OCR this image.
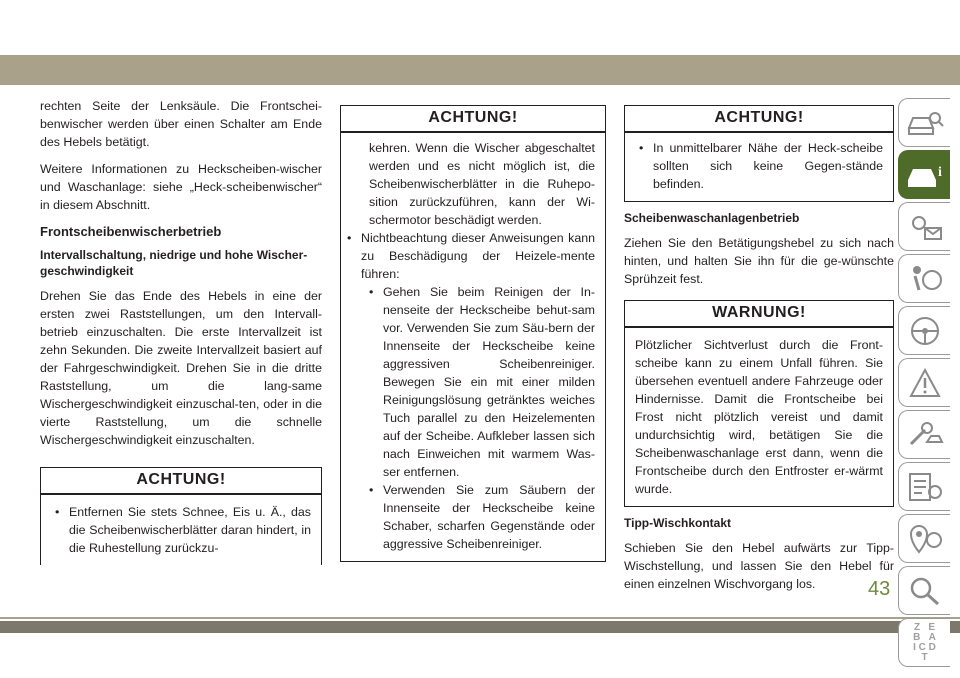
rechten Seite der Lenksäule. Die Frontschei-benwischer werden über einen Schalter am Ende des Hebels betätigt.

Weitere Informationen zu Heckscheiben-wischer und Waschanlage: siehe „Heck-scheibenwischer“ in diesem Abschnitt.

Frontscheibenwischerbetrieb
Intervallschaltung, niedrige und hohe Wischer-geschwindigkeit

Drehen Sie das Ende des Hebels in eine der ersten zwei Raststellungen, um den Intervall-betrieb einzuschalten. Die erste Intervallzeit ist zehn Sekunden. Die zweite Intervallzeit basiert auf der Fahrgeschwindigkeit. Drehen Sie in die dritte Raststellung, um die lang-same Wischergeschwindigkeit einzuschal-ten, oder in die vierte Raststellung, um die schnelle Wischergeschwindigkeit einzuschalten.

ACHTUNG!
• Entfernen Sie stets Schnee, Eis u. Ä., das die Scheibenwischerblätter daran hindert, in die Ruhestellung zurückzu-
ACHTUNG!
kehren. Wenn die Wischer abgeschaltet werden und es nicht möglich ist, die Scheibenwischerblätter in die Ruhepo-sition zurückzuführen, kann der Wi-schermotor beschädigt werden.
• Nichtbeachtung dieser Anweisungen kann zu Beschädigung der Heizele-mente führen:
• Gehen Sie beim Reinigen der In-nenseite der Heckscheibe behut-sam vor. Verwenden Sie zum Säu-bern der Innenseite der Heckscheibe keine aggressiven Scheibenreiniger. Bewegen Sie ein mit einer milden Reinigungslösung getränktes weiches Tuch parallel zu den Heizelementen auf der Scheibe. Aufkleber lassen sich nach Einweichen mit warmem Was-ser entfernen.
• Verwenden Sie zum Säubern der Innenseite der Heckscheibe keine Schaber, scharfen Gegenstände oder aggressive Scheibenreiniger.
ACHTUNG!
• In unmittelbarer Nähe der Heck-scheibe sollten sich keine Gegen-stände befinden.
Scheibenwaschanlagenbetrieb

Ziehen Sie den Betätigungshebel zu sich nach hinten, und halten Sie ihn für die ge-wünschte Sprühzeit fest.

WARNUNG!
Plötzlicher Sichtverlust durch die Front-scheibe kann zu einem Unfall führen. Sie übersehen eventuell andere Fahrzeuge oder Hindernisse. Damit die Frontscheibe bei Frost nicht plötzlich vereist und damit undurchsichtig wird, betätigen Sie die Scheibenwaschanlage erst dann, wenn die Frontscheibe durch den Entfroster er-wärmt wurde.
Tipp-Wischkontakt

Schieben Sie den Hebel aufwärts zur Tipp-Wischstellung, und lassen Sie den Hebel für einen einzelnen Wischvorgang los.	43
i
Z E
B A
I C D
T
